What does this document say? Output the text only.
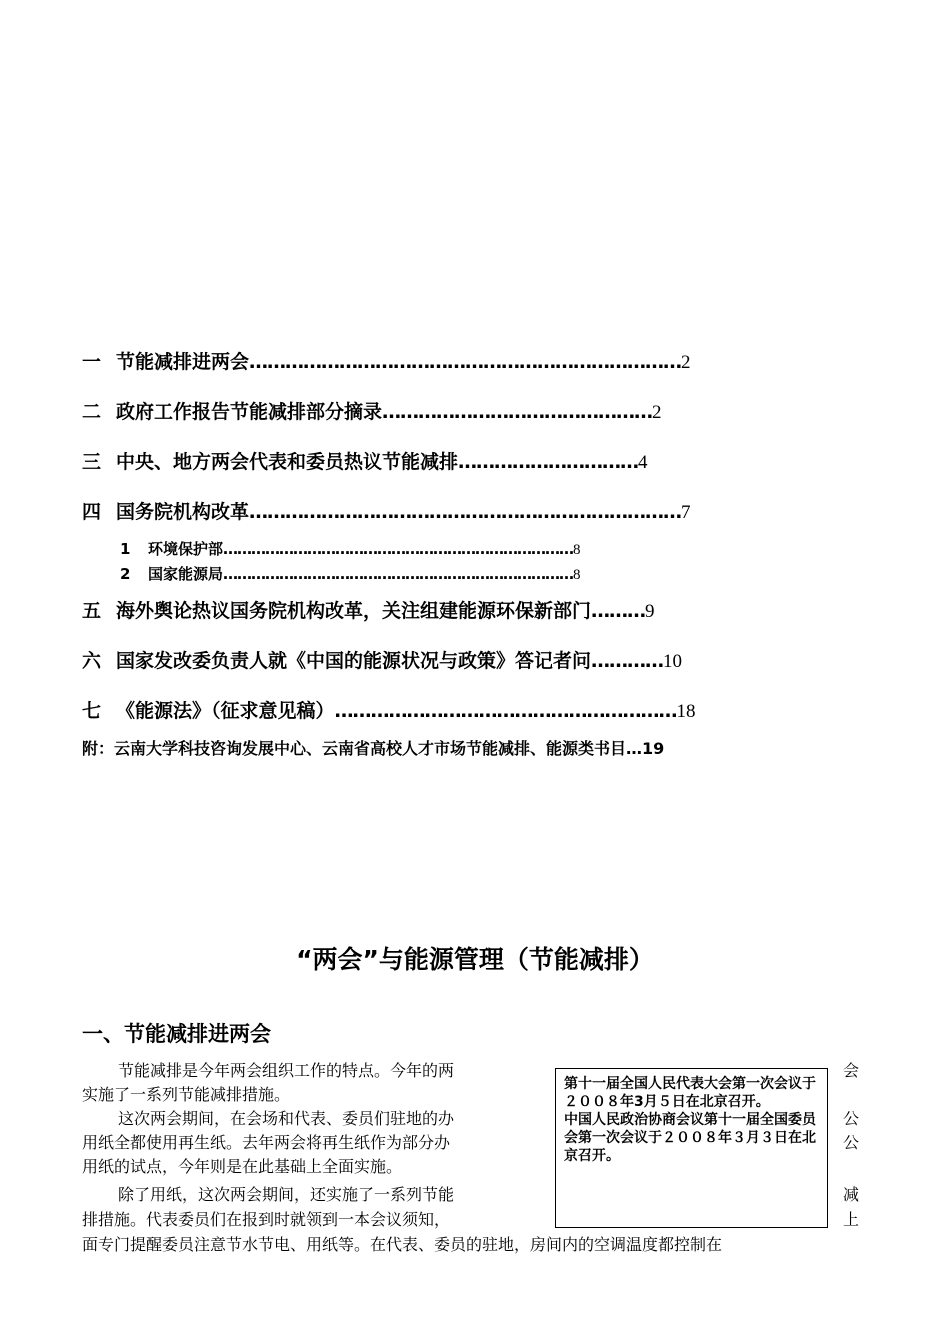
一 节能减排进两会………………………………………………………………2
二 政府工作报告节能减排部分摘录………………………………………2
三 中央、地方两会代表和委员热议节能减排…………………………4
四 国务院机构改革………………………………………………………………7
1 环境保护部…………………………………………………………………8
2 国家能源局…………………………………………………………………8
五 海外舆论热议国务院机构改革，关注组建能源环保新部门………9
六 国家发改委负责人就《中国的能源状况与政策》答记者问…………10
七 《能源法》（征求意见稿）…………………………………………………18
附：云南大学科技咨询发展中心、云南省高校人才市场节能减排、能源类书目…19
“两会”与能源管理（节能减排）
一、节能减排进两会
节能减排是今年两会组织工作的特点。今年的两
实施了一系列节能减排措施。
这次两会期间，在会场和代表、委员们驻地的办
用纸全都使用再生纸。去年两会将再生纸作为部分办
用纸的试点，今年则是在此基础上全面实施。
除了用纸，这次两会期间，还实施了一系列节能
排措施。代表委员们在报到时就领到一本会议须知，
面专门提醒委员注意节水节电、用纸等。在代表、委员的驻地，房间内的空调温度都控制在
会
公
公
减
上

第十一届全国人民代表大会第一次会议于２００８年3月５日在北京召开。

中国人民政治协商会议第十一届全国委员会第一次会议于２００８年３月３日在北京召开。
